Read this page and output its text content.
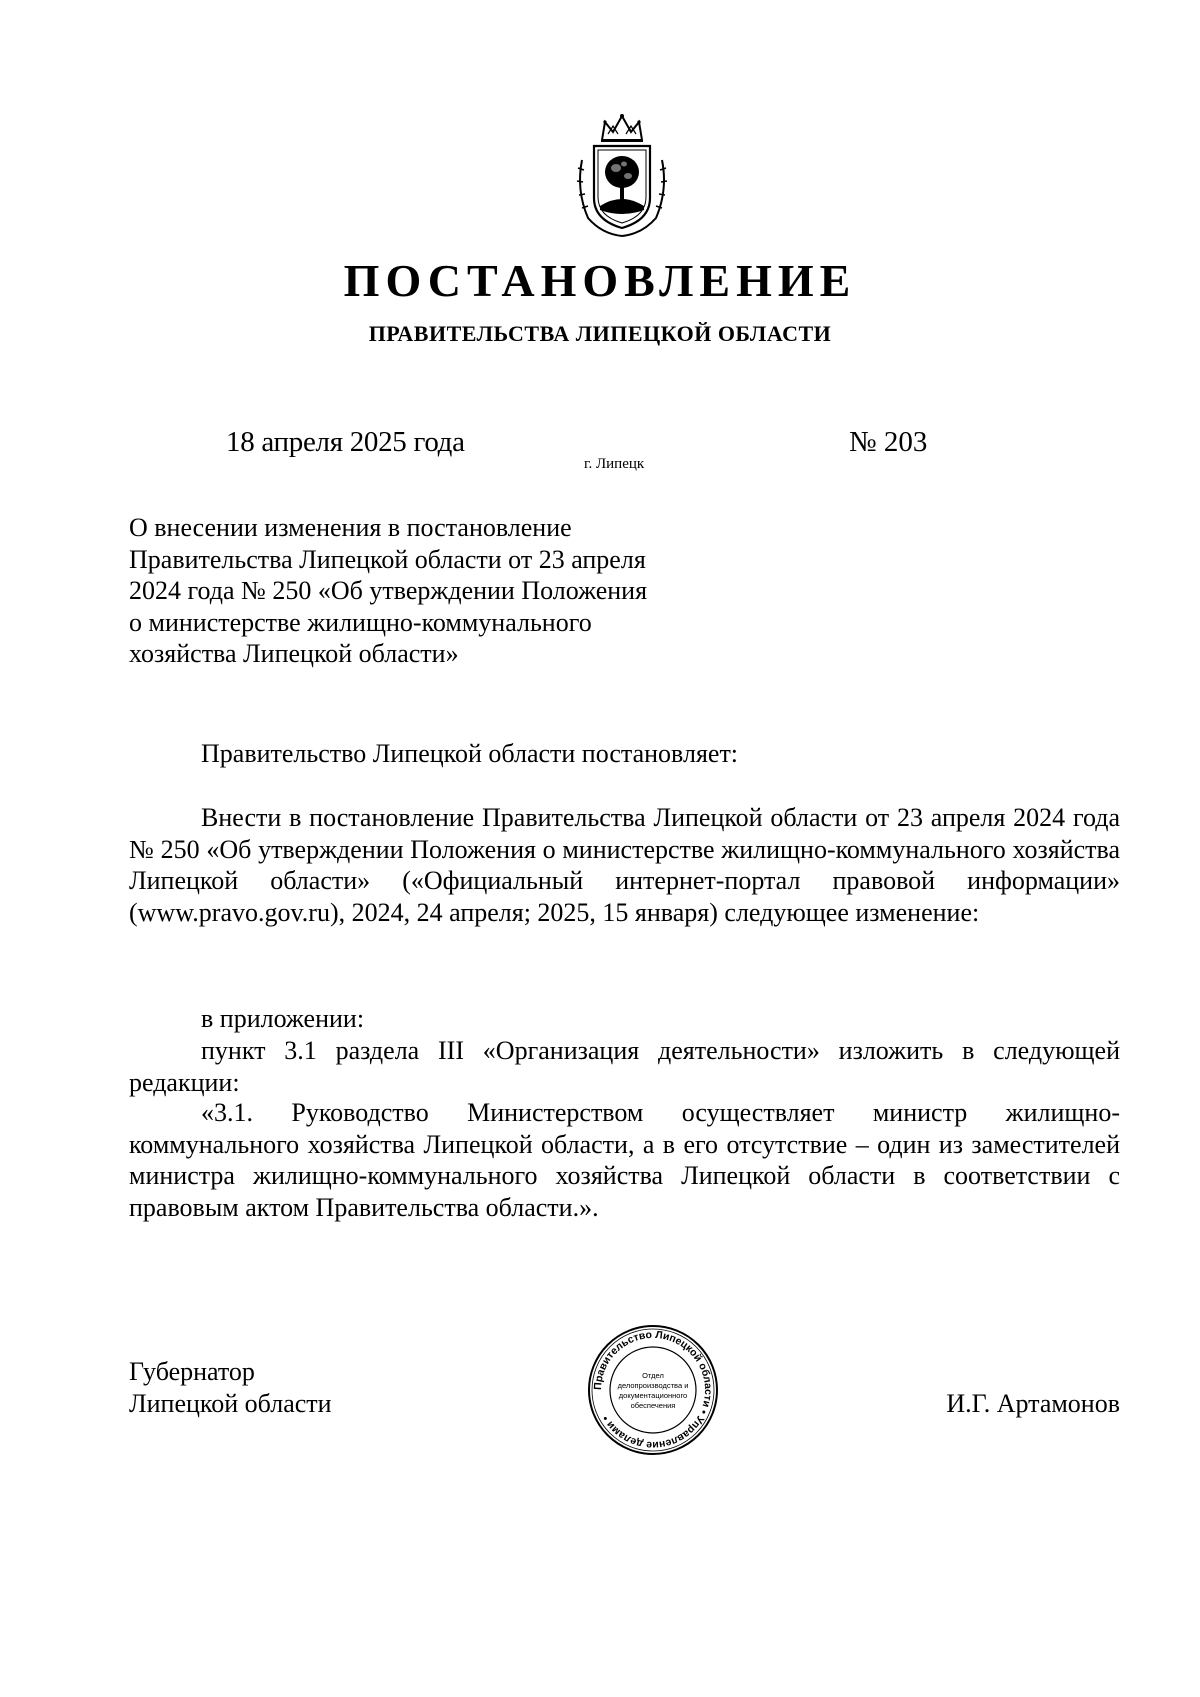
ПОСТАНОВЛЕНИЕ
ПРАВИТЕЛЬСТВА ЛИПЕЦКОЙ ОБЛАСТИ
18 апреля 2025 года
г. Липецк
№ 203
О внесении изменения в постановление
Правительства Липецкой области от 23 апреля
2024 года № 250 «Об утверждении Положения
о министерстве жилищно-коммунального
хозяйства Липецкой области»

Правительство Липецкой области постановляет:

Внести в постановление Правительства Липецкой области от 23 апреля 2024 года № 250 «Об утверждении Положения о министерстве жилищно-коммунального хозяйства Липецкой области» («Официальный интернет-портал правовой информации» (www.pravo.gov.ru), 2024, 24 апреля; 2025, 15 января) следующее изменение:

в приложении:

пункт 3.1 раздела III «Организация деятельности» изложить в следующей редакции:

«3.1. Руководство Министерством осуществляет министр жилищно-коммунального хозяйства Липецкой области, а в его отсутствие – один из заместителей министра жилищно-коммунального хозяйства Липецкой области в соответствии с правовым актом Правительства области.».

Губернатор
Липецкой области
Правительство Липецкой области • Управление делами •
Отдел
делопроизводства и
документационного
обеспечения	И.Г. Артамонов
